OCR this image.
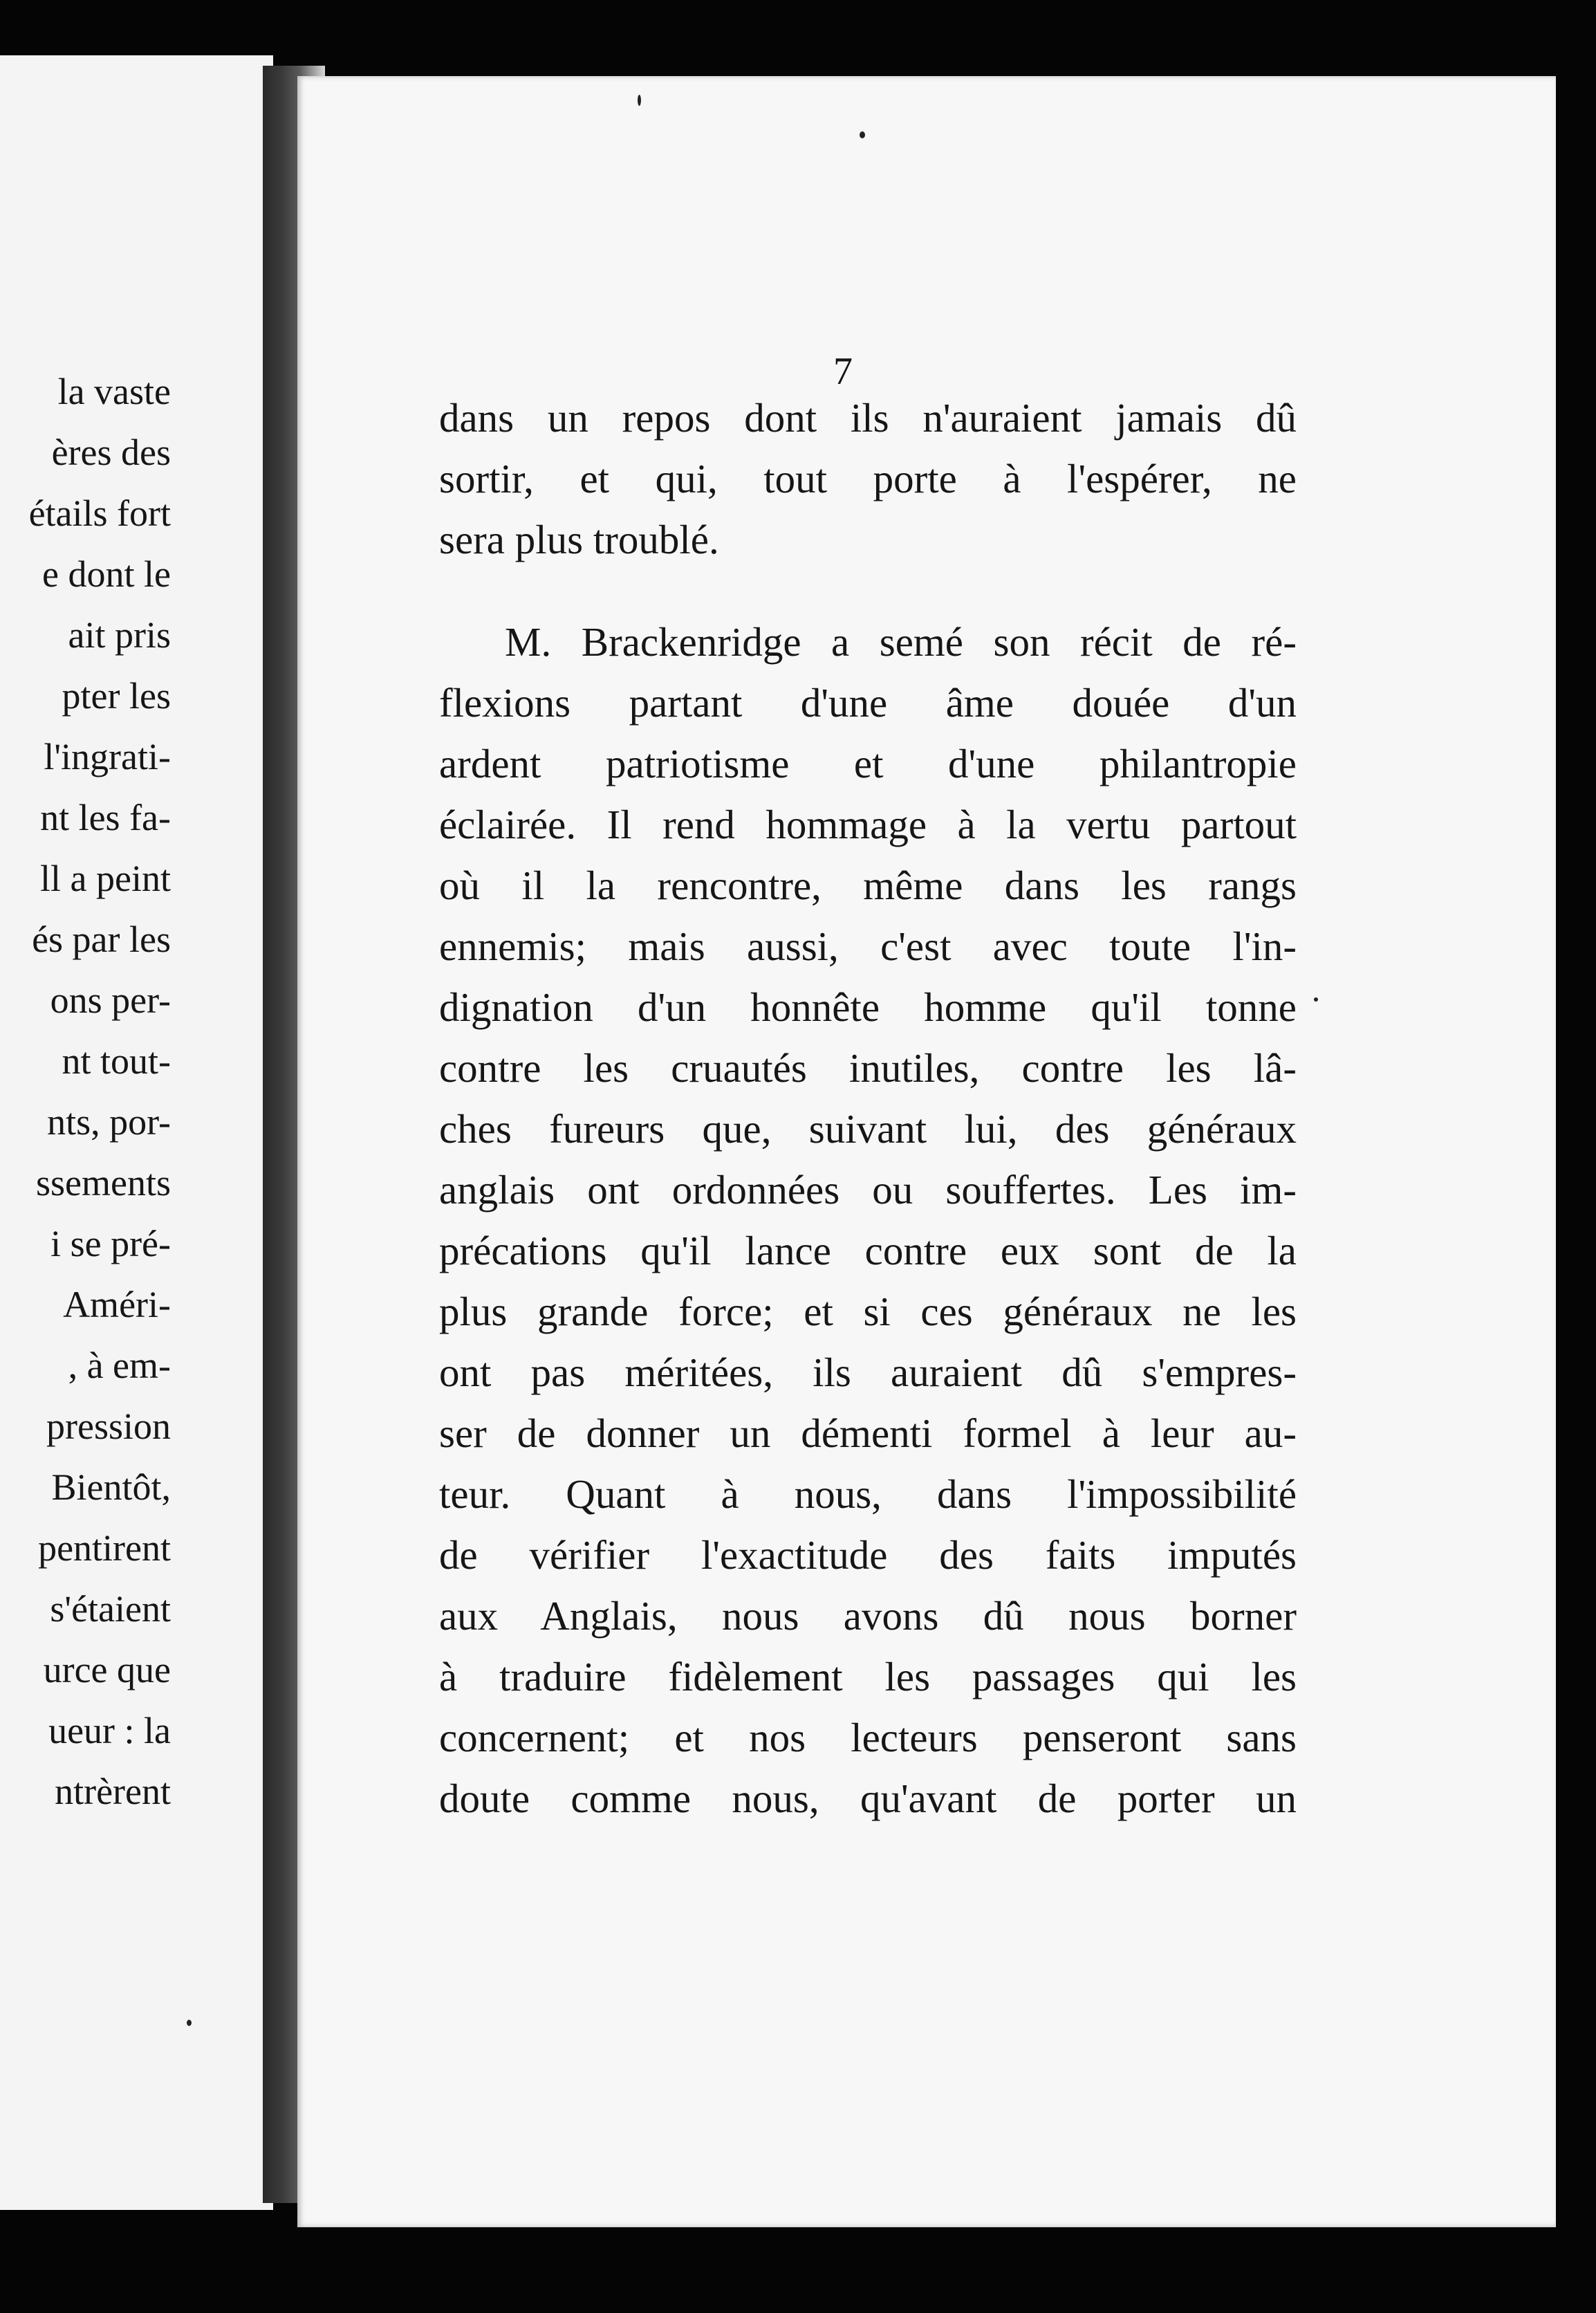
la vaste
ères des
étails fort
e dont le
ait pris
pter les
l'ingrati-
nt les fa-
ll a peint
és par les
ons per-
nt tout-
nts, por-
ssements
i se pré-
Améri-
, à em-
pression
Bientôt,
pentirent
s'étaient
urce que
ueur : la
ntrèrent
7
dans un repos dont ils n'auraient jamais dû
sortir, et qui, tout porte à l'espérer, ne
sera plus troublé.
M. Brackenridge a semé son récit de ré-
flexions partant d'une âme douée d'un
ardent patriotisme et d'une philantropie
éclairée. Il rend hommage à la vertu partout
où il la rencontre, même dans les rangs
ennemis; mais aussi, c'est avec toute l'in-
dignation d'un honnête homme qu'il tonne
contre les cruautés inutiles, contre les lâ-
ches fureurs que, suivant lui, des généraux
anglais ont ordonnées ou souffertes. Les im-
précations qu'il lance contre eux sont de la
plus grande force; et si ces généraux ne les
ont pas méritées, ils auraient dû s'empres-
ser de donner un démenti formel à leur au-
teur. Quant à nous, dans l'impossibilité
de vérifier l'exactitude des faits imputés
aux Anglais, nous avons dû nous borner
à traduire fidèlement les passages qui les
concernent; et nos lecteurs penseront sans
doute comme nous, qu'avant de porter un
